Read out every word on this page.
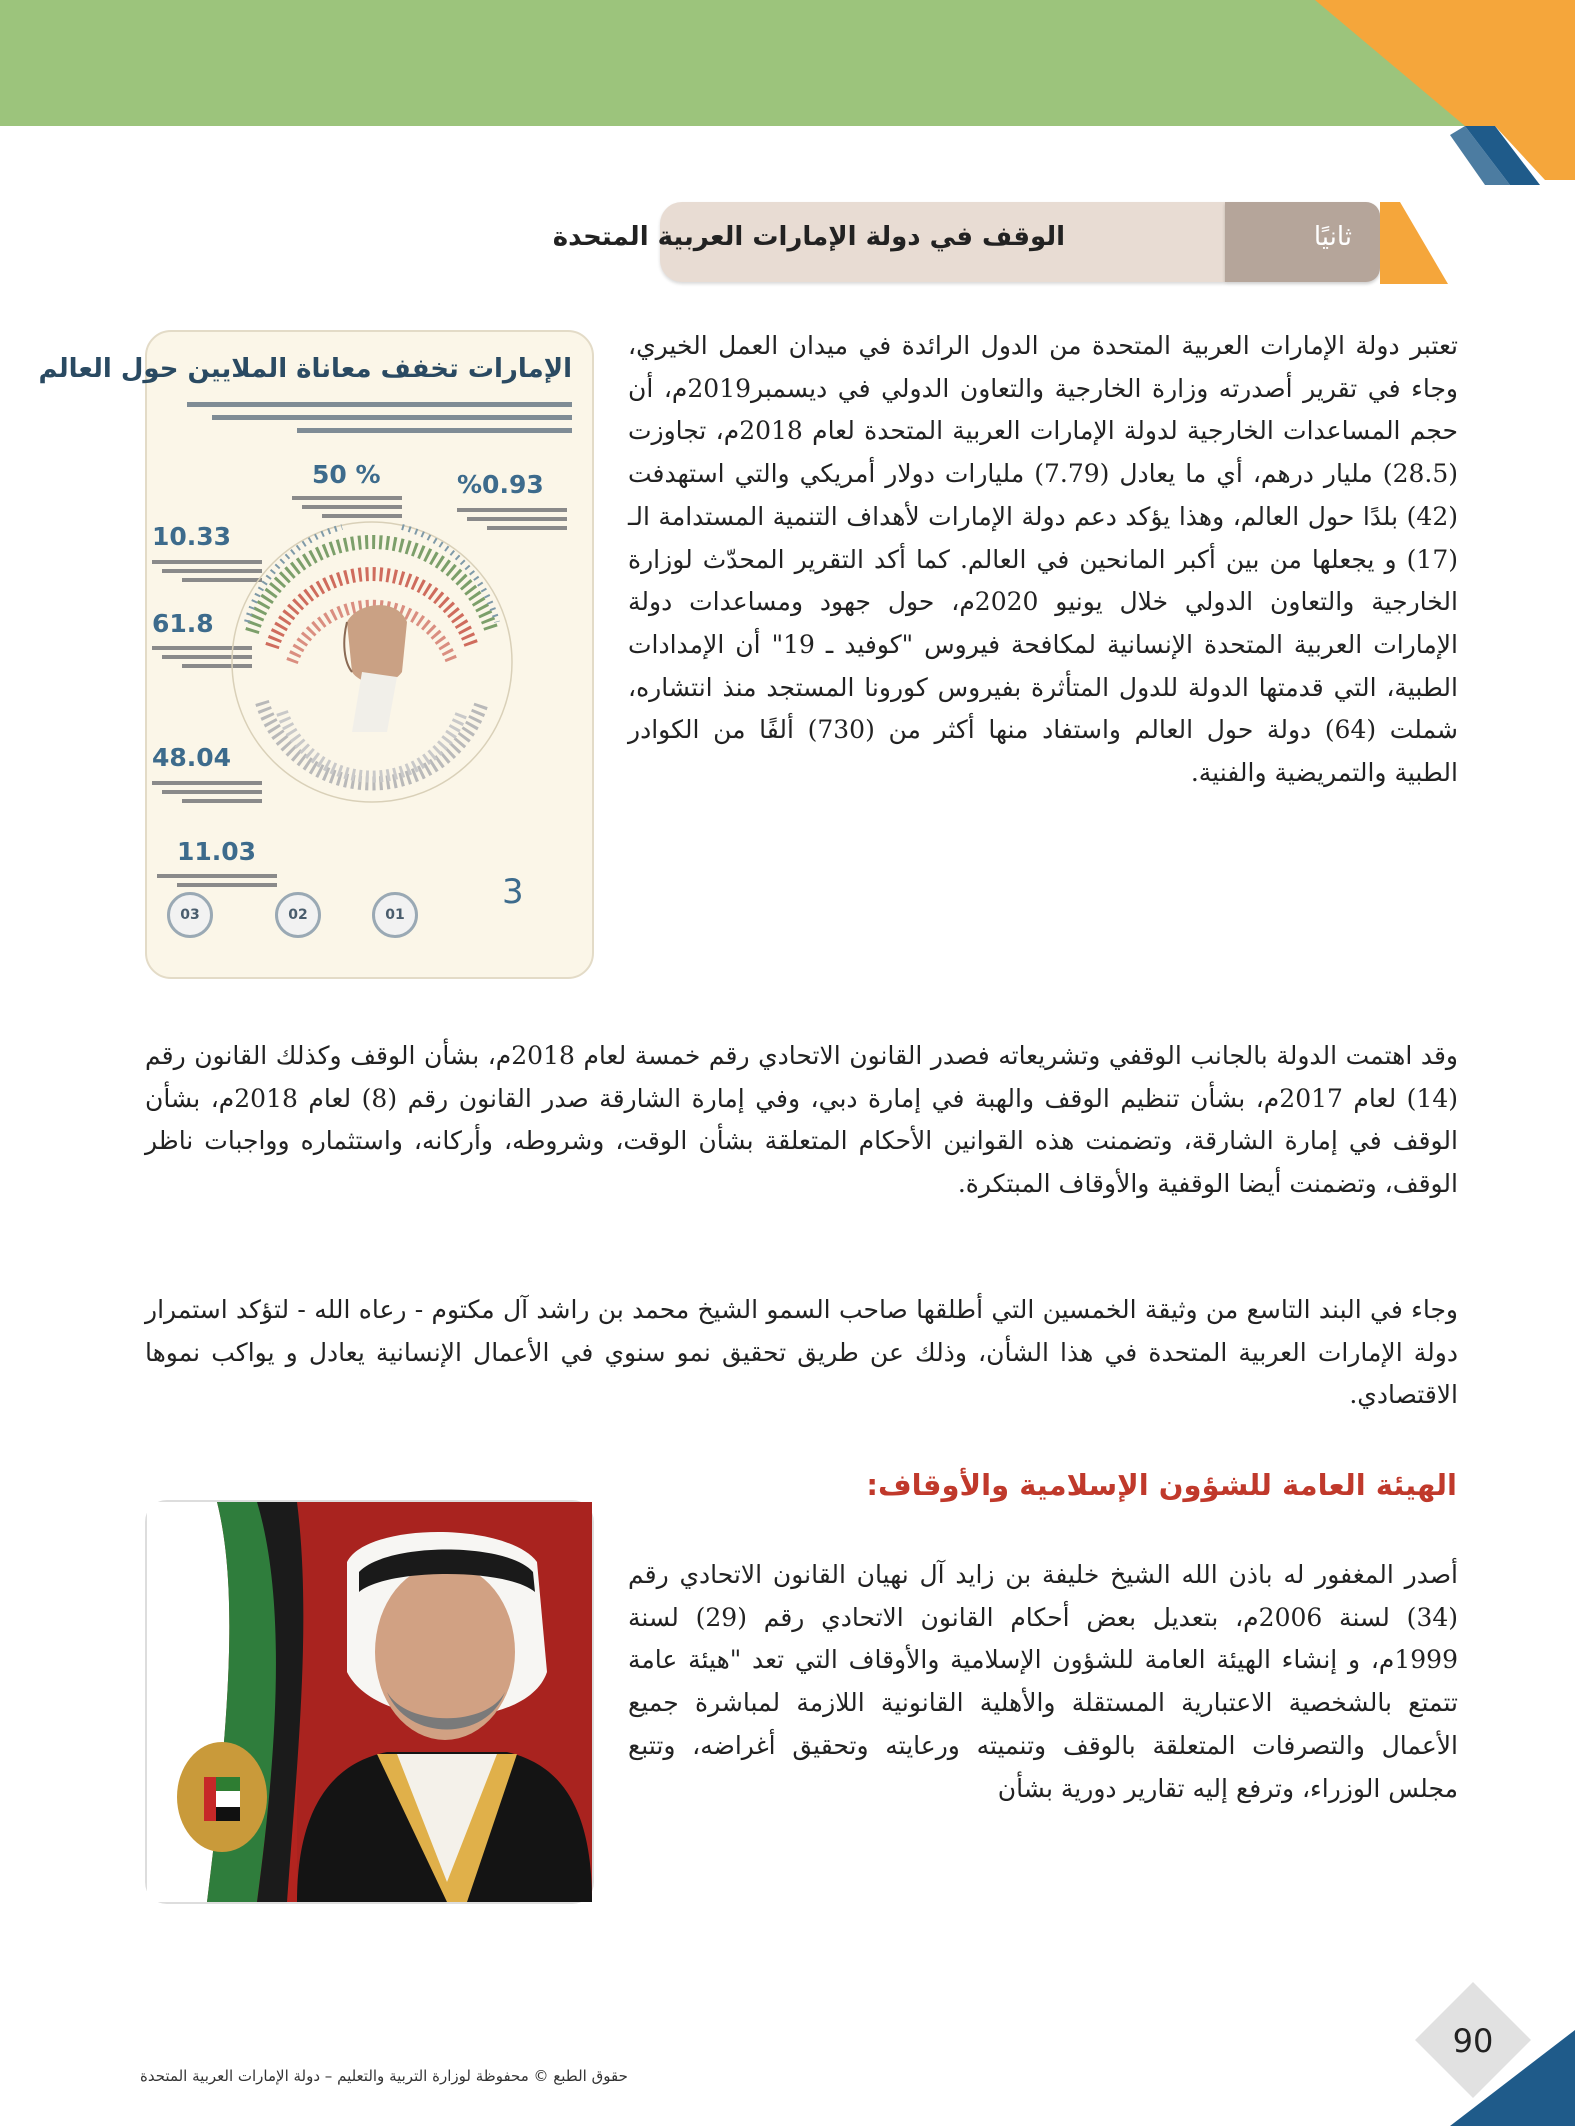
الوقف في دولة الإمارات العربية المتحدة	ثانيًا

تعتبر دولة الإمارات العربية المتحدة من الدول الرائدة في ميدان العمل الخيري، وجاء في تقرير أصدرته وزارة الخارجية والتعاون الدولي في ديسمبر2019م، أن حجم المساعدات الخارجية لدولة الإمارات العربية المتحدة لعام 2018م، تجاوزت (28.5) مليار درهم، أي ما يعادل (7.79) مليارات دولار أمريكي والتي استهدفت (42) بلدًا حول العالم، وهذا يؤكد دعم دولة الإمارات لأهداف التنمية المستدامة الـ (17) و يجعلها من بين أكبر المانحين في العالم. كما أكد التقرير المحدّث لوزارة الخارجية والتعاون الدولي خلال يونيو 2020م، حول جهود ومساعدات دولة الإمارات العربية المتحدة الإنسانية لمكافحة فيروس "كوفيد ـ 19" أن الإمدادات الطبية، التي قدمتها الدولة للدول المتأثرة بفيروس كورونا المستجد منذ انتشاره، شملت (64) دولة حول العالم واستفاد منها أكثر من (730) ألفًا من الكوادر الطبية والتمريضية والفنية.

الإمارات تخفف معاناة الملايين حول العالم
% 50	%0.93
10.33
61.8
48.04
11.03
3
03	02	01

وقد اهتمت الدولة بالجانب الوقفي وتشريعاته فصدر القانون الاتحادي رقم خمسة لعام 2018م، بشأن الوقف وكذلك القانون رقم (14) لعام 2017م، بشأن تنظيم الوقف والهبة في إمارة دبي، وفي إمارة الشارقة صدر القانون رقم (8) لعام 2018م، بشأن الوقف في إمارة الشارقة، وتضمنت هذه القوانين الأحكام المتعلقة بشأن الوقت، وشروطه، وأركانه، واستثماره وواجبات ناظر الوقف، وتضمنت أيضا الوقفية والأوقاف المبتكرة.

وجاء في البند التاسع من وثيقة الخمسين التي أطلقها صاحب السمو الشيخ محمد بن راشد آل مكتوم - رعاه الله - لتؤكد استمرار دولة الإمارات العربية المتحدة في هذا الشأن، وذلك عن طريق تحقيق نمو سنوي في الأعمال الإنسانية يعادل و يواكب نموها الاقتصادي.

الهيئة العامة للشؤون الإسلامية والأوقاف:

أصدر المغفور له باذن الله الشيخ خليفة بن زايد آل نهيان القانون الاتحادي رقم (34) لسنة 2006م، بتعديل بعض أحكام القانون الاتحادي رقم (29) لسنة 1999م، و إنشاء الهيئة العامة للشؤون الإسلامية والأوقاف التي تعد "هيئة عامة تتمتع بالشخصية الاعتبارية المستقلة والأهلية القانونية اللازمة لمباشرة جميع الأعمال والتصرفات المتعلقة بالوقف وتنميته ورعايته وتحقيق أغراضه، وتتبع مجلس الوزراء، وترفع إليه تقارير دورية بشأن

حقوق الطبع © محفوظة لوزارة التربية والتعليم – دولة الإمارات العربية المتحدة
90
